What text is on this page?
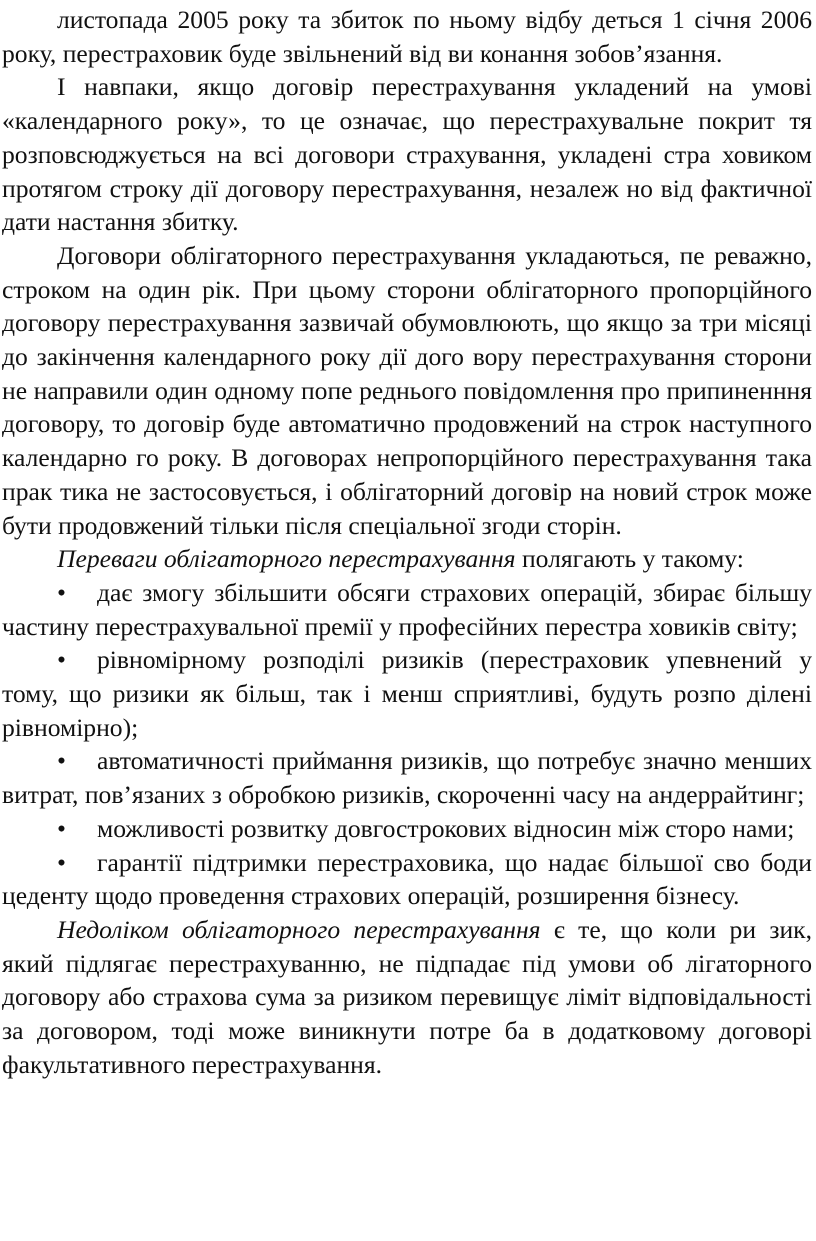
листопада 2005 року та збиток по ньому відбу деться 1 січня 2006 року, перестраховик буде звільнений від ви конання зобов’язання.

І навпаки, якщо договір перестрахування укладений на умові «календарного року», то це означає, що перестрахувальне покрит тя розповсюджується на всі договори страхування, укладені стра ховиком протягом строку дії договору перестрахування, незалеж но від фактичної дати настання збитку.

Договори облігаторного перестрахування укладаються, пе реважно, строком на один рік. При цьому сторони облігаторного пропорційного договору перестрахування зазвичай обумовлюють, що якщо за три місяці до закінчення календарного року дії дого вору перестрахування сторони не направили один одному попе реднього повідомлення про припиненння договору, то договір буде автоматично продовжений на строк наступного календарно го року. В договорах непропорційного перестрахування така прак тика не застосовується, і облігаторний договір на новий строк може бути продовжений тільки після спеціальної згоди сторін.

Переваги облігаторного перестрахування полягають у такому:

• дає змогу збільшити обсяги страхових операцій, збирає більшу частину перестрахувальної премії у професійних перестра ховиків світу;

• рівномірному розподілі ризиків (перестраховик упевнений у тому, що ризики як більш, так і менш сприятливі, будуть розпо ділені рівномірно);

• автоматичності приймання ризиків, що потребує значно менших витрат, пов’язаних з обробкою ризиків, скороченні часу на андеррайтинг;

• можливості розвитку довгострокових відносин між сторо нами;

• гарантії підтримки перестраховика, що надає більшої сво боди цеденту щодо проведення страхових операцій, розширення бізнесу.

Недоліком облігаторного перестрахування є те, що коли ри зик, який підлягає перестрахуванню, не підпадає під умови об лігаторного договору або страхова сума за ризиком перевищує ліміт відповідальності за договором, тоді може виникнути потре ба в додатковому договорі факультативного перестрахування.
